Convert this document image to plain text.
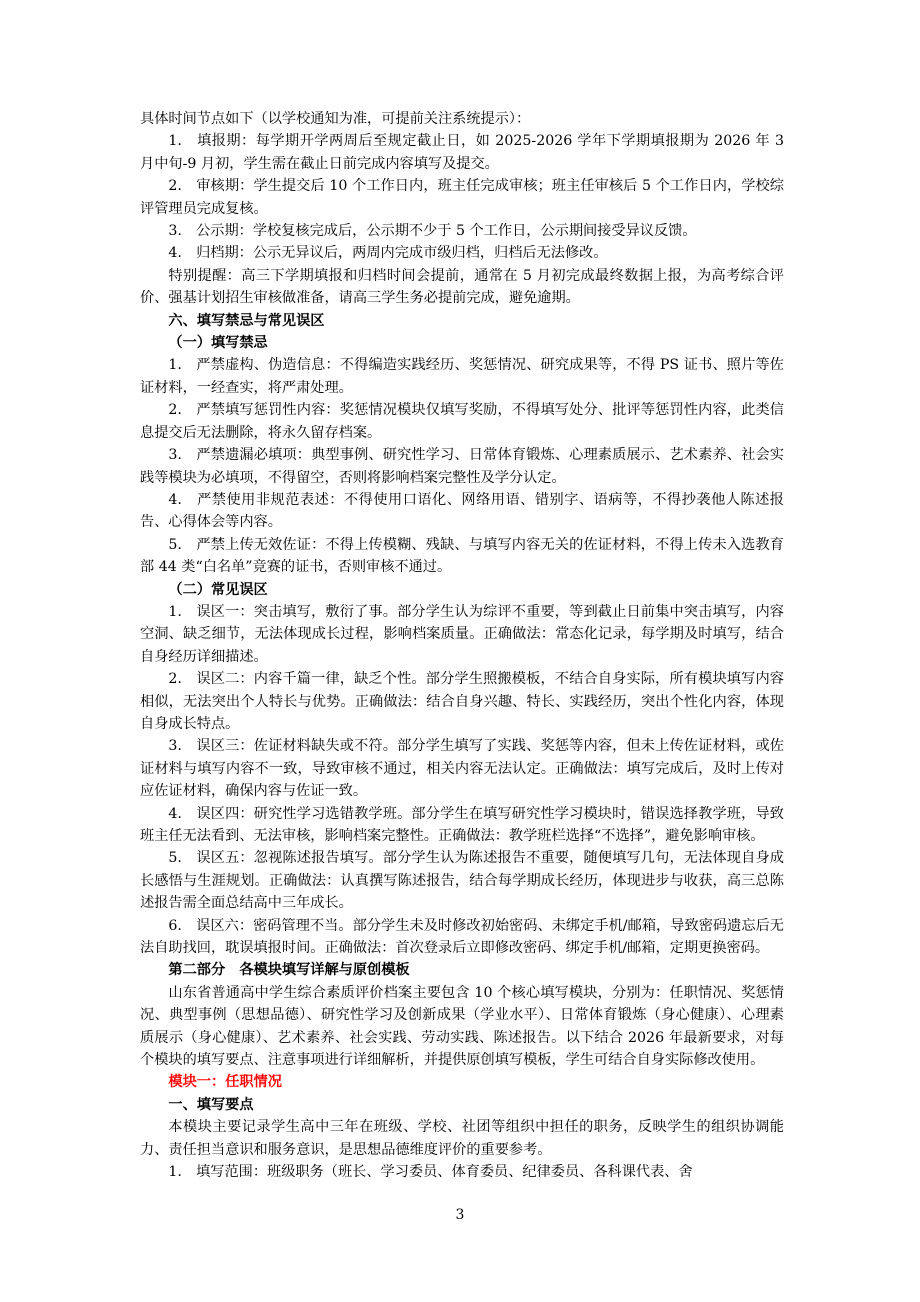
具体时间节点如下（以学校通知为准，可提前关注系统提示）：
1.　填报期：每学期开学两周后至规定截止日，如 2025-2026 学年下学期填报期为 2026 年 3 月中旬-9 月初，学生需在截止日前完成内容填写及提交。
2.　审核期：学生提交后 10 个工作日内，班主任完成审核；班主任审核后 5 个工作日内，学校综评管理员完成复核。
3.　公示期：学校复核完成后，公示期不少于 5 个工作日，公示期间接受异议反馈。
4.　归档期：公示无异议后，两周内完成市级归档，归档后无法修改。
特别提醒：高三下学期填报和归档时间会提前，通常在 5 月初完成最终数据上报，为高考综合评价、强基计划招生审核做准备，请高三学生务必提前完成，避免逾期。
六、填写禁忌与常见误区
（一）填写禁忌
1.　严禁虚构、伪造信息：不得编造实践经历、奖惩情况、研究成果等，不得 PS 证书、照片等佐证材料，一经查实，将严肃处理。
2.　严禁填写惩罚性内容：奖惩情况模块仅填写奖励，不得填写处分、批评等惩罚性内容，此类信息提交后无法删除，将永久留存档案。
3.　严禁遗漏必填项：典型事例、研究性学习、日常体育锻炼、心理素质展示、艺术素养、社会实践等模块为必填项，不得留空，否则将影响档案完整性及学分认定。
4.　严禁使用非规范表述：不得使用口语化、网络用语、错别字、语病等，不得抄袭他人陈述报告、心得体会等内容。
5.　严禁上传无效佐证：不得上传模糊、残缺、与填写内容无关的佐证材料，不得上传未入选教育部 44 类“白名单”竞赛的证书，否则审核不通过。
（二）常见误区
1.　误区一：突击填写，敷衍了事。部分学生认为综评不重要，等到截止日前集中突击填写，内容空洞、缺乏细节，无法体现成长过程，影响档案质量。正确做法：常态化记录，每学期及时填写，结合自身经历详细描述。
2.　误区二：内容千篇一律，缺乏个性。部分学生照搬模板，不结合自身实际，所有模块填写内容相似，无法突出个人特长与优势。正确做法：结合自身兴趣、特长、实践经历，突出个性化内容，体现自身成长特点。
3.　误区三：佐证材料缺失或不符。部分学生填写了实践、奖惩等内容，但未上传佐证材料，或佐证材料与填写内容不一致，导致审核不通过，相关内容无法认定。正确做法：填写完成后，及时上传对应佐证材料，确保内容与佐证一致。
4.　误区四：研究性学习选错教学班。部分学生在填写研究性学习模块时，错误选择教学班，导致班主任无法看到、无法审核，影响档案完整性。正确做法：教学班栏选择“不选择”，避免影响审核。
5.　误区五：忽视陈述报告填写。部分学生认为陈述报告不重要，随便填写几句，无法体现自身成长感悟与生涯规划。正确做法：认真撰写陈述报告，结合每学期成长经历，体现进步与收获，高三总陈述报告需全面总结高中三年成长。
6.　误区六：密码管理不当。部分学生未及时修改初始密码、未绑定手机/邮箱，导致密码遗忘后无法自助找回，耽误填报时间。正确做法：首次登录后立即修改密码、绑定手机/邮箱，定期更换密码。
第二部分　各模块填写详解与原创模板
山东省普通高中学生综合素质评价档案主要包含 10 个核心填写模块，分别为：任职情况、奖惩情况、典型事例（思想品德）、研究性学习及创新成果（学业水平）、日常体育锻炼（身心健康）、心理素质展示（身心健康）、艺术素养、社会实践、劳动实践、陈述报告。以下结合 2026 年最新要求，对每个模块的填写要点、注意事项进行详细解析，并提供原创填写模板，学生可结合自身实际修改使用。
模块一：任职情况
一、填写要点
本模块主要记录学生高中三年在班级、学校、社团等组织中担任的职务，反映学生的组织协调能力、责任担当意识和服务意识，是思想品德维度评价的重要参考。
1.　填写范围：班级职务（班长、学习委员、体育委员、纪律委员、各科课代表、舍
3
